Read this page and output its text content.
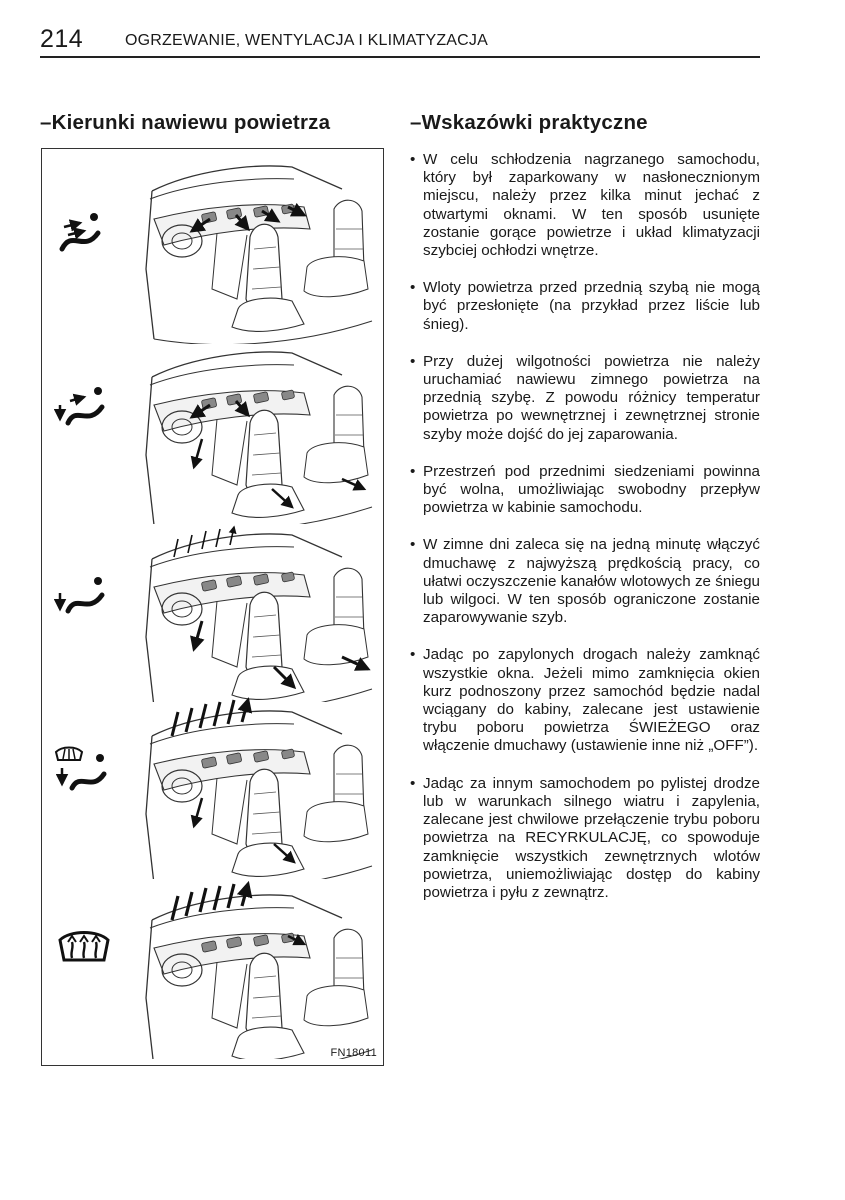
214	OGRZEWANIE, WENTYLACJA I KLIMATYZACJA
–Kierunki nawiewu powietrza	–Wskazówki praktyczne
FN18011
• W celu schłodzenia nagrzanego samochodu, który był zaparkowany w nasłonecznionym miejscu, należy przez kilka minut jechać z otwartymi oknami. W ten sposób usunięte zostanie gorące powietrze i układ klimatyzacji szybciej ochłodzi wnętrze.
• Wloty powietrza przed przednią szybą nie mogą być przesłonięte (na przykład przez liście lub śnieg).
• Przy dużej wilgotności powietrza nie należy uruchamiać nawiewu zimnego powietrza na przednią szybę. Z powodu różnicy temperatur powietrza po wewnętrznej i zewnętrznej stronie szyby może dojść do jej zaparowania.
• Przestrzeń pod przednimi siedzeniami powinna być wolna, umożliwiając swobodny przepływ powietrza w kabinie samochodu.
• W zimne dni zaleca się na jedną minutę włączyć dmuchawę z najwyższą prędkością pracy, co ułatwi oczyszczenie kanałów wlotowych ze śniegu lub wilgoci. W ten sposób ograniczone zostanie zaparowywanie szyb.
• Jadąc po zapylonych drogach należy zamknąć wszystkie okna. Jeżeli mimo zamknięcia okien kurz podnoszony przez samochód będzie nadal wciągany do kabiny, zalecane jest ustawienie trybu poboru powietrza ŚWIEŻEGO oraz włączenie dmuchawy (ustawienie inne niż „OFF”).
• Jadąc za innym samochodem po pylistej drodze lub w warunkach silnego wiatru i zapylenia, zalecane jest chwilowe przełączenie trybu poboru powietrza na RECYRKULACJĘ, co spowoduje zamknięcie wszystkich zewnętrznych wlotów powietrza, uniemożliwiając dostęp do kabiny powietrza i pyłu z zewnątrz.
